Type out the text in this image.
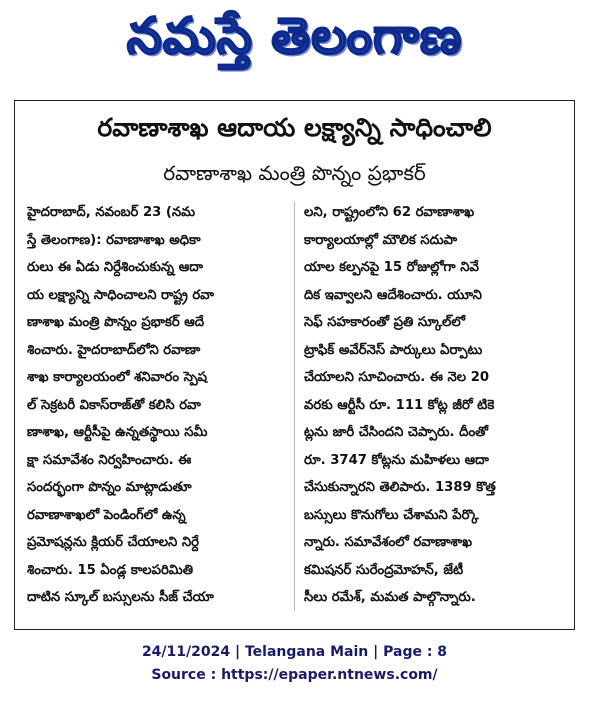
నమస్తే తెలంగాణ
రవాణాశాఖ ఆదాయ లక్ష్యాన్ని సాధించాలి
రవాణాశాఖ మంత్రి పొన్నం ప్రభాకర్
హైదరాబాద్, నవంబర్ 23 (నమ
స్తే తెలంగాణ): రవాణాశాఖ అధికా
రులు ఈ ఏడు నిర్దేశించుకున్న ఆదా
య లక్ష్యాన్ని సాధించాలని రాష్ట్ర రవా
ణాశాఖ మంత్రి పొన్నం ప్రభాకర్ ఆదే
శించారు. హైదరాబాద్‌లోని రవాణా
శాఖ కార్యాలయంలో శనివారం స్పెష
ల్ సెక్రటరీ వికాస్‌రాజ్‌తో కలిసి రవా
ణాశాఖ, ఆర్టీసీపై ఉన్నతస్థాయి సమీ
క్షా సమావేశం నిర్వహించారు. ఈ
సందర్భంగా పొన్నం మాట్లాడుతూ
రవాణాశాఖలో పెండింగ్‌లో ఉన్న
ప్రమోషన్లను క్లియర్ చేయాలని నిర్దే
శించారు. 15 ఏండ్ల కాలపరిమితి
దాటిన స్కూల్ బస్సులను సీజ్ చేయా
లని, రాష్ట్రంలోని 62 రవాణాశాఖ
కార్యాలయాల్లో మౌలిక సదుపా
యాల కల్పనపై 15 రోజుల్లోగా నివే
దిక ఇవ్వాలని ఆదేశించారు. యూని
సెఫ్ సహకారంతో ప్రతి స్కూల్‌లో
ట్రాఫిక్ అవేర్‌నెస్ పార్కులు ఏర్పాటు
చేయాలని సూచించారు. ఈ నెల 20
వరకు ఆర్టీసీ రూ. 111 కోట్ల జీరో టికె
ట్లను జారీ చేసిందని చెప్పారు. దీంతో
రూ. 3747 కోట్లను మహిళలు ఆదా
చేసుకున్నారని తెలిపారు. 1389 కొత్త
బస్సులు కొనుగోలు చేశామని పేర్కొ
న్నారు. సమావేశంలో రవాణాశాఖ
కమిషనర్ సురేంద్రమోహన్, జేటీ
సీలు రమేశ్, మమత పాల్గొన్నారు.
24/11/2024 | Telangana Main | Page : 8
Source : https://epaper.ntnews.com/
